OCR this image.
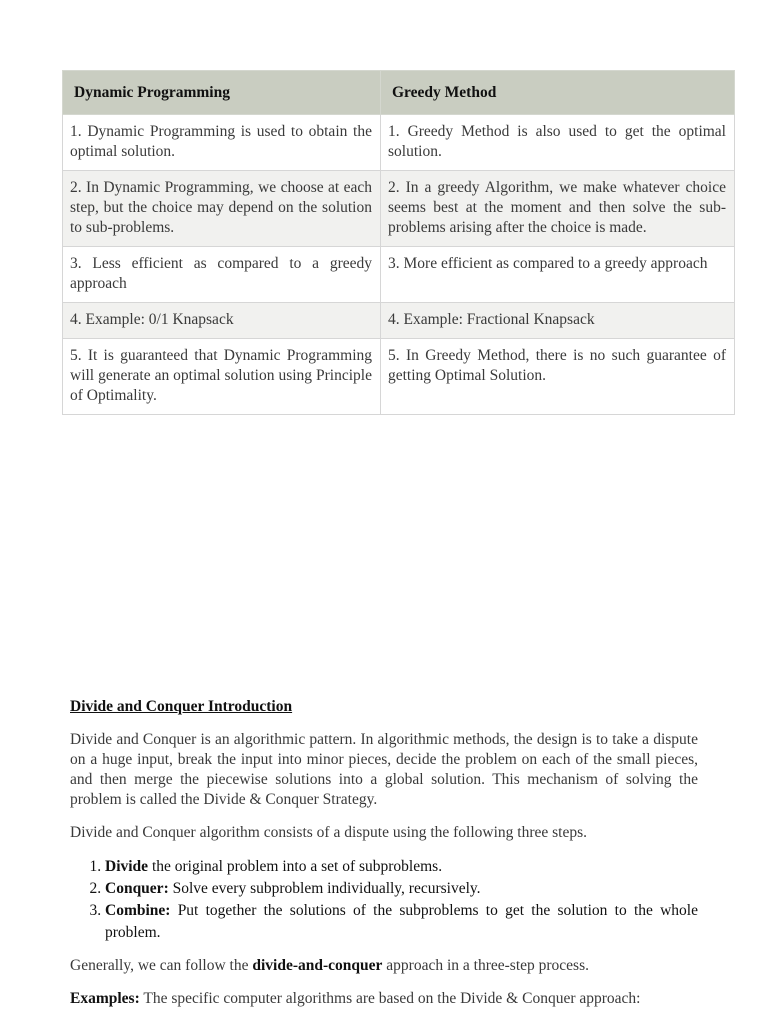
Dynamic Programming	Greedy Method
1. Dynamic Programming is used to obtain the optimal solution.	1. Greedy Method is also used to get the optimal solution.
2. In Dynamic Programming, we choose at each step, but the choice may depend on the solution to sub-problems.	2. In a greedy Algorithm, we make whatever choice seems best at the moment and then solve the sub-problems arising after the choice is made.
3. Less efficient as compared to a greedy approach	3. More efficient as compared to a greedy approach
4. Example: 0/1 Knapsack	4. Example: Fractional Knapsack
5. It is guaranteed that Dynamic Programming will generate an optimal solution using Principle of Optimality.	5. In Greedy Method, there is no such guarantee of getting Optimal Solution.
Divide and Conquer Introduction

Divide and Conquer is an algorithmic pattern. In algorithmic methods, the design is to take a dispute on a huge input, break the input into minor pieces, decide the problem on each of the small pieces, and then merge the piecewise solutions into a global solution. This mechanism of solving the problem is called the Divide & Conquer Strategy.

Divide and Conquer algorithm consists of a dispute using the following three steps.

1. Divide the original problem into a set of subproblems.
2. Conquer: Solve every subproblem individually, recursively.
3. Combine: Put together the solutions of the subproblems to get the solution to the whole problem.

Generally, we can follow the divide-and-conquer approach in a three-step process.

Examples: The specific computer algorithms are based on the Divide & Conquer approach:
